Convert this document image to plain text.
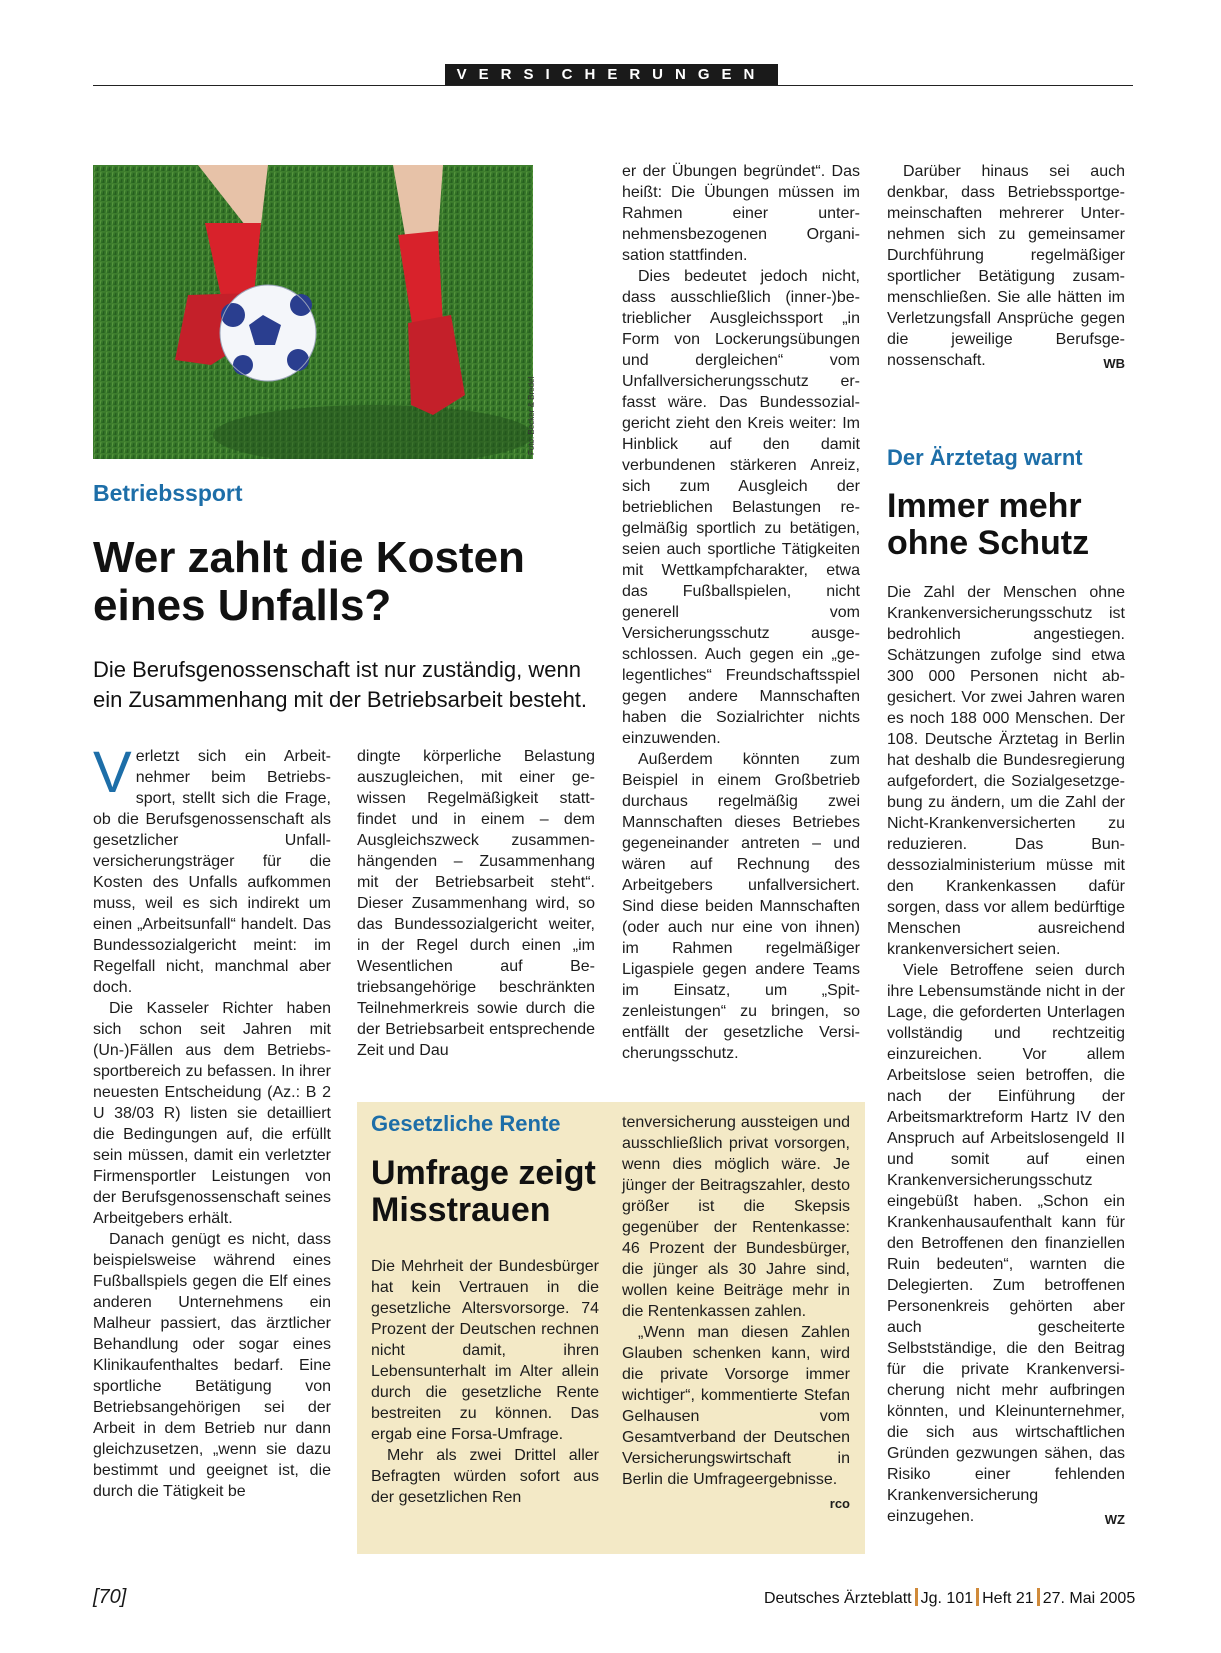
VERSICHERUNGEN
Foto: Becker & Bredel
Betriebssport
Wer zahlt die Kosten
eines Unfalls?
Die Berufsgenossenschaft ist nur zuständig, wenn ein Zusammenhang mit der Betriebsarbeit besteht.

Verletzt sich ein Arbeitnehmer beim Betriebssport, stellt sich die Frage, ob die Berufsgenossenschaft als gesetzlicher Unfallversicherungsträger für die Kosten des Unfalls aufkommen muss, weil es sich indirekt um einen „Arbeitsunfall“ handelt. Das Bundessozialgericht meint: im Regelfall nicht, manchmal aber doch.

Die Kasseler Richter haben sich schon seit Jahren mit (Un-)Fällen aus dem Betriebssportbereich zu befassen. In ihrer neuesten Entscheidung (Az.: B 2 U 38/03 R) listen sie detailliert die Bedingungen auf, die erfüllt sein müssen, damit ein verletzter Firmensportler Leistungen von der Berufsgenossenschaft seines Arbeitgebers erhält.

Danach genügt es nicht, dass beispielsweise während eines Fußballspiels gegen die Elf eines anderen Unternehmens ein Malheur passiert, das ärztlicher Behandlung oder sogar eines Klinikaufenthaltes bedarf. Eine sportliche Betätigung von Betriebsangehörigen sei der Arbeit in dem Betrieb nur dann gleichzusetzen, „wenn sie dazu bestimmt und geeignet ist, die durch die Tätigkeit be

dingte körperliche Belastung auszugleichen, mit einer gewissen Regelmäßigkeit stattfindet und in einem – dem Ausgleichszweck zusammenhängenden – Zusammenhang mit der Betriebsarbeit steht“. Dieser Zusammenhang wird, so das Bundessozialgericht weiter, in der Regel durch einen „im Wesentlichen auf Betriebsangehörige beschränkten Teilnehmerkreis sowie durch die der Betriebsarbeit entsprechende Zeit und Dau

er der Übungen begründet“. Das heißt: Die Übungen müssen im Rahmen einer unternehmensbezogenen Organisation stattfinden.

Dies bedeutet jedoch nicht, dass ausschließlich (inner-)betrieblicher Ausgleichssport „in Form von Lockerungsübungen und dergleichen“ vom Unfallversicherungsschutz erfasst wäre. Das Bundessozialgericht zieht den Kreis weiter: Im Hinblick auf den damit verbundenen stärkeren Anreiz, sich zum Ausgleich der betrieblichen Belastungen regelmäßig sportlich zu betätigen, seien auch sportliche Tätigkeiten mit Wettkampfcharakter, etwa das Fußballspielen, nicht generell vom Versicherungsschutz ausgeschlossen. Auch gegen ein „gelegentliches“ Freundschaftsspiel gegen andere Mannschaften haben die Sozialrichter nichts einzuwenden.

Außerdem könnten zum Beispiel in einem Großbetrieb durchaus regelmäßig zwei Mannschaften dieses Betriebes gegeneinander antreten – und wären auf Rechnung des Arbeitgebers unfallversichert. Sind diese beiden Mannschaften (oder auch nur eine von ihnen) im Rahmen regelmäßiger Ligaspiele gegen andere Teams im Einsatz, um „Spitzenleistungen“ zu bringen, so entfällt der gesetzliche Versicherungsschutz.

Darüber hinaus sei auch denkbar, dass Betriebssportgemeinschaften mehrerer Unternehmen sich zu gemeinsamer Durchführung regelmäßiger sportlicher Betätigung zusammenschließen. Sie alle hätten im Verletzungsfall Ansprüche gegen die jeweilige Berufsgenossenschaft.	WB

Der Ärztetag warnt
Immer mehr
ohne Schutz

Die Zahl der Menschen ohne Krankenversicherungsschutz ist bedrohlich angestiegen. Schätzungen zufolge sind etwa 300 000 Personen nicht abgesichert. Vor zwei Jahren waren es noch 188 000 Menschen. Der 108. Deutsche Ärztetag in Berlin hat deshalb die Bundesregierung aufgefordert, die Sozialgesetzgebung zu ändern, um die Zahl der Nicht-Krankenversicherten zu reduzieren. Das Bundessozialministerium müsse mit den Krankenkassen dafür sorgen, dass vor allem bedürftige Menschen ausreichend krankenversichert seien.

Viele Betroffene seien durch ihre Lebensumstände nicht in der Lage, die geforderten Unterlagen vollständig und rechtzeitig einzureichen. Vor allem Arbeitslose seien betroffen, die nach der Einführung der Arbeitsmarktreform Hartz IV den Anspruch auf Arbeitslosengeld II und somit auf einen Krankenversicherungsschutz eingebüßt haben. „Schon ein Krankenhausaufenthalt kann für den Betroffenen den finanziellen Ruin bedeuten“, warnten die Delegierten. Zum betroffenen Personenkreis gehörten aber auch gescheiterte Selbstständige, die den Beitrag für die private Krankenversicherung nicht mehr aufbringen könnten, und Kleinunternehmer, die sich aus wirtschaftlichen Gründen gezwungen sähen, das Risiko einer fehlenden Krankenversicherung einzugehen.	WZ

Gesetzliche Rente
Umfrage zeigt
Misstrauen

Die Mehrheit der Bundesbürger hat kein Vertrauen in die gesetzliche Altersvorsorge. 74 Prozent der Deutschen rechnen nicht damit, ihren Lebensunterhalt im Alter allein durch die gesetzliche Rente bestreiten zu können. Das ergab eine Forsa-Umfrage.

Mehr als zwei Drittel aller Befragten würden sofort aus der gesetzlichen Ren

tenversicherung aussteigen und ausschließlich privat vorsorgen, wenn dies möglich wäre. Je jünger der Beitragszahler, desto größer ist die Skepsis gegenüber der Rentenkasse: 46 Prozent der Bundesbürger, die jünger als 30 Jahre sind, wollen keine Beiträge mehr in die Rentenkassen zahlen.

„Wenn man diesen Zahlen Glauben schenken kann, wird die private Vorsorge immer wichtiger“, kommentierte Stefan Gelhausen vom Gesamtverband der Deutschen Versicherungswirtschaft in Berlin die Umfrageergebnisse.
rco

[70]	Deutsches Ärzteblatt Jg. 101 Heft 21 27. Mai 2005
